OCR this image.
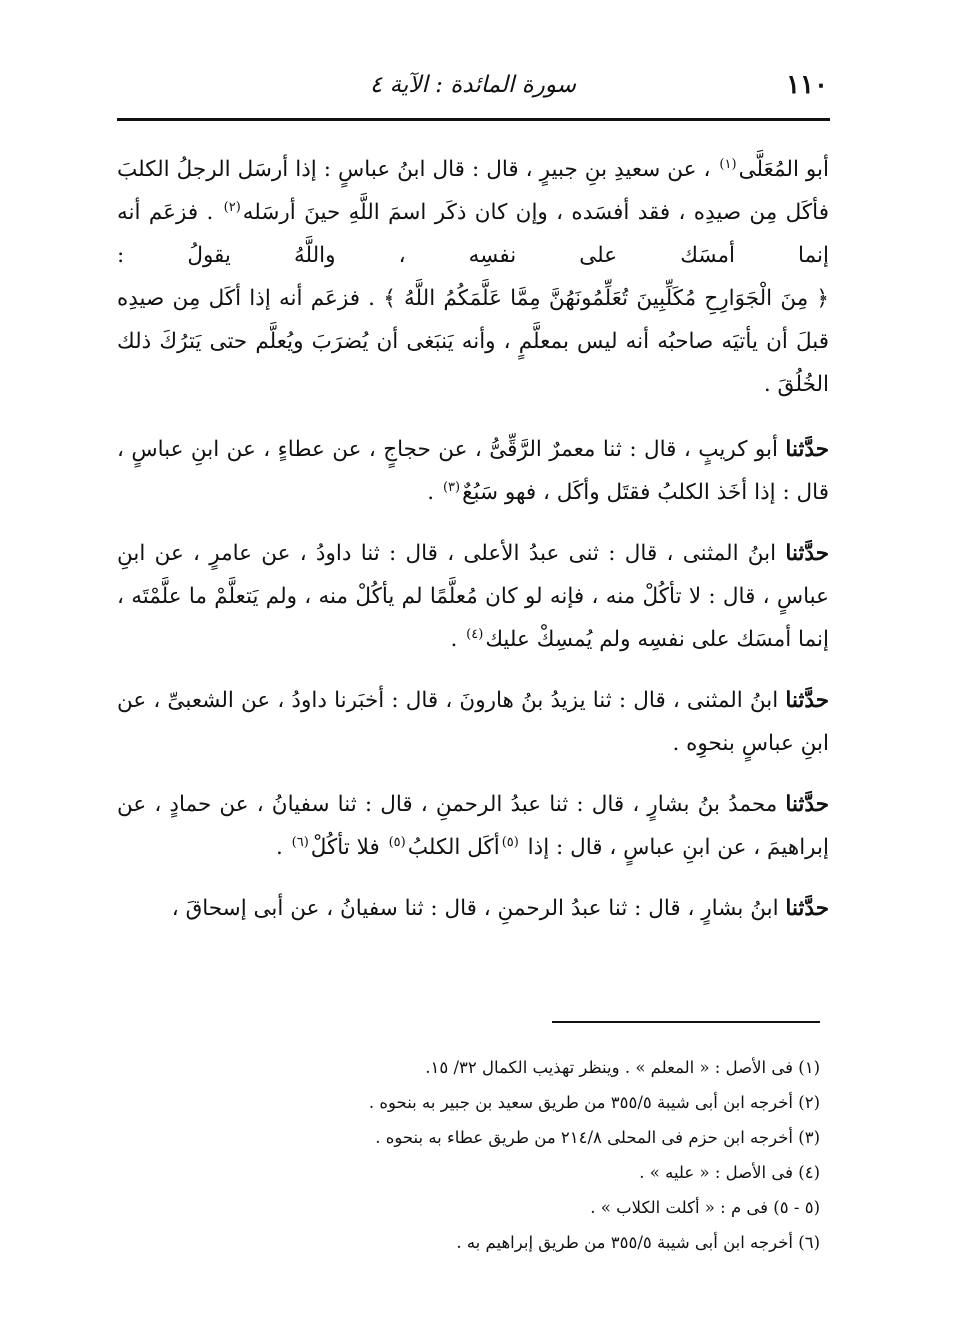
١١٠
سورة المائدة : الآية ٤

أبو المُعَلَّى$^{(١)}$ ، عن سعيدِ بنِ جبيرٍ ، قال : قال ابنُ عباسٍ : إذا أرسَل الرجلُ الكلبَ فأكَل مِن صيدِه ، فقد أفسَده ، وإن كان ذكَر اسمَ اللَّهِ حينَ أرسَله$^{(٢)}$ . فزعَم أنه إنما أمسَك على نفسِه ، واللَّهُ يقولُ : ﴿ مِنَ الْجَوَارِحِ مُكَلِّبِينَ تُعَلِّمُونَهُنَّ مِمَّا عَلَّمَكُمُ اللَّهُ ﴾ . فزعَم أنه إذا أكَل مِن صيدِه قبلَ أن يأتيَه صاحبُه أنه ليس بمعلَّمٍ ، وأنه يَنبَغى أن يُضرَبَ ويُعلَّم حتى يَترُكَ ذلك الخُلُقَ .

حدَّثنا أبو كريبٍ ، قال : ثنا معمرٌ الرَّقِّىُّ ، عن حجاجٍ ، عن عطاءٍ ، عن ابنِ عباسٍ ، قال : إذا أخَذ الكلبُ فقتَل وأكَل ، فهو سَبُعٌ$^{(٣)}$ .

حدَّثنا ابنُ المثنى ، قال : ثنى عبدُ الأعلى ، قال : ثنا داودُ ، عن عامرٍ ، عن ابنِ عباسٍ ، قال : لا تأكُلْ منه ، فإنه لو كان مُعلَّمًا لم يأكُلْ منه ، ولم يَتعلَّمْ ما علَّمْتَه ، إنما أمسَك على نفسِه ولم يُمسِكْ عليك$^{(٤)}$ .

حدَّثنا ابنُ المثنى ، قال : ثنا يزيدُ بنُ هارونَ ، قال : أخبَرنا داودُ ، عن الشعبىِّ ، عن ابنِ عباسٍ بنحوِه .

حدَّثنا محمدُ بنُ بشارٍ ، قال : ثنا عبدُ الرحمنِ ، قال : ثنا سفيانُ ، عن حمادٍ ، عن إبراهيمَ ، عن ابنِ عباسٍ ، قال : إذا $^{(٥)}$أكَل الكلبُ$^{(٥)}$ فلا تأكُلْ$^{(٦)}$ .

حدَّثنا ابنُ بشارٍ ، قال : ثنا عبدُ الرحمنِ ، قال : ثنا سفيانُ ، عن أبى إسحاقَ ،

(١) فى الأصل : « المعلم » . وينظر تهذيب الكمال ٣٢/ ١٥.

(٢) أخرجه ابن أبى شيبة ٣٥٥/٥ من طريق سعيد بن جبير به بنحوه .

(٣) أخرجه ابن حزم فى المحلى ٢١٤/٨ من طريق عطاء به بنحوه .

(٤) فى الأصل : « عليه » .

(٥ - ٥) فى م : « أكلت الكلاب » .

(٦) أخرجه ابن أبى شيبة ٣٥٥/٥ من طريق إبراهيم به .
